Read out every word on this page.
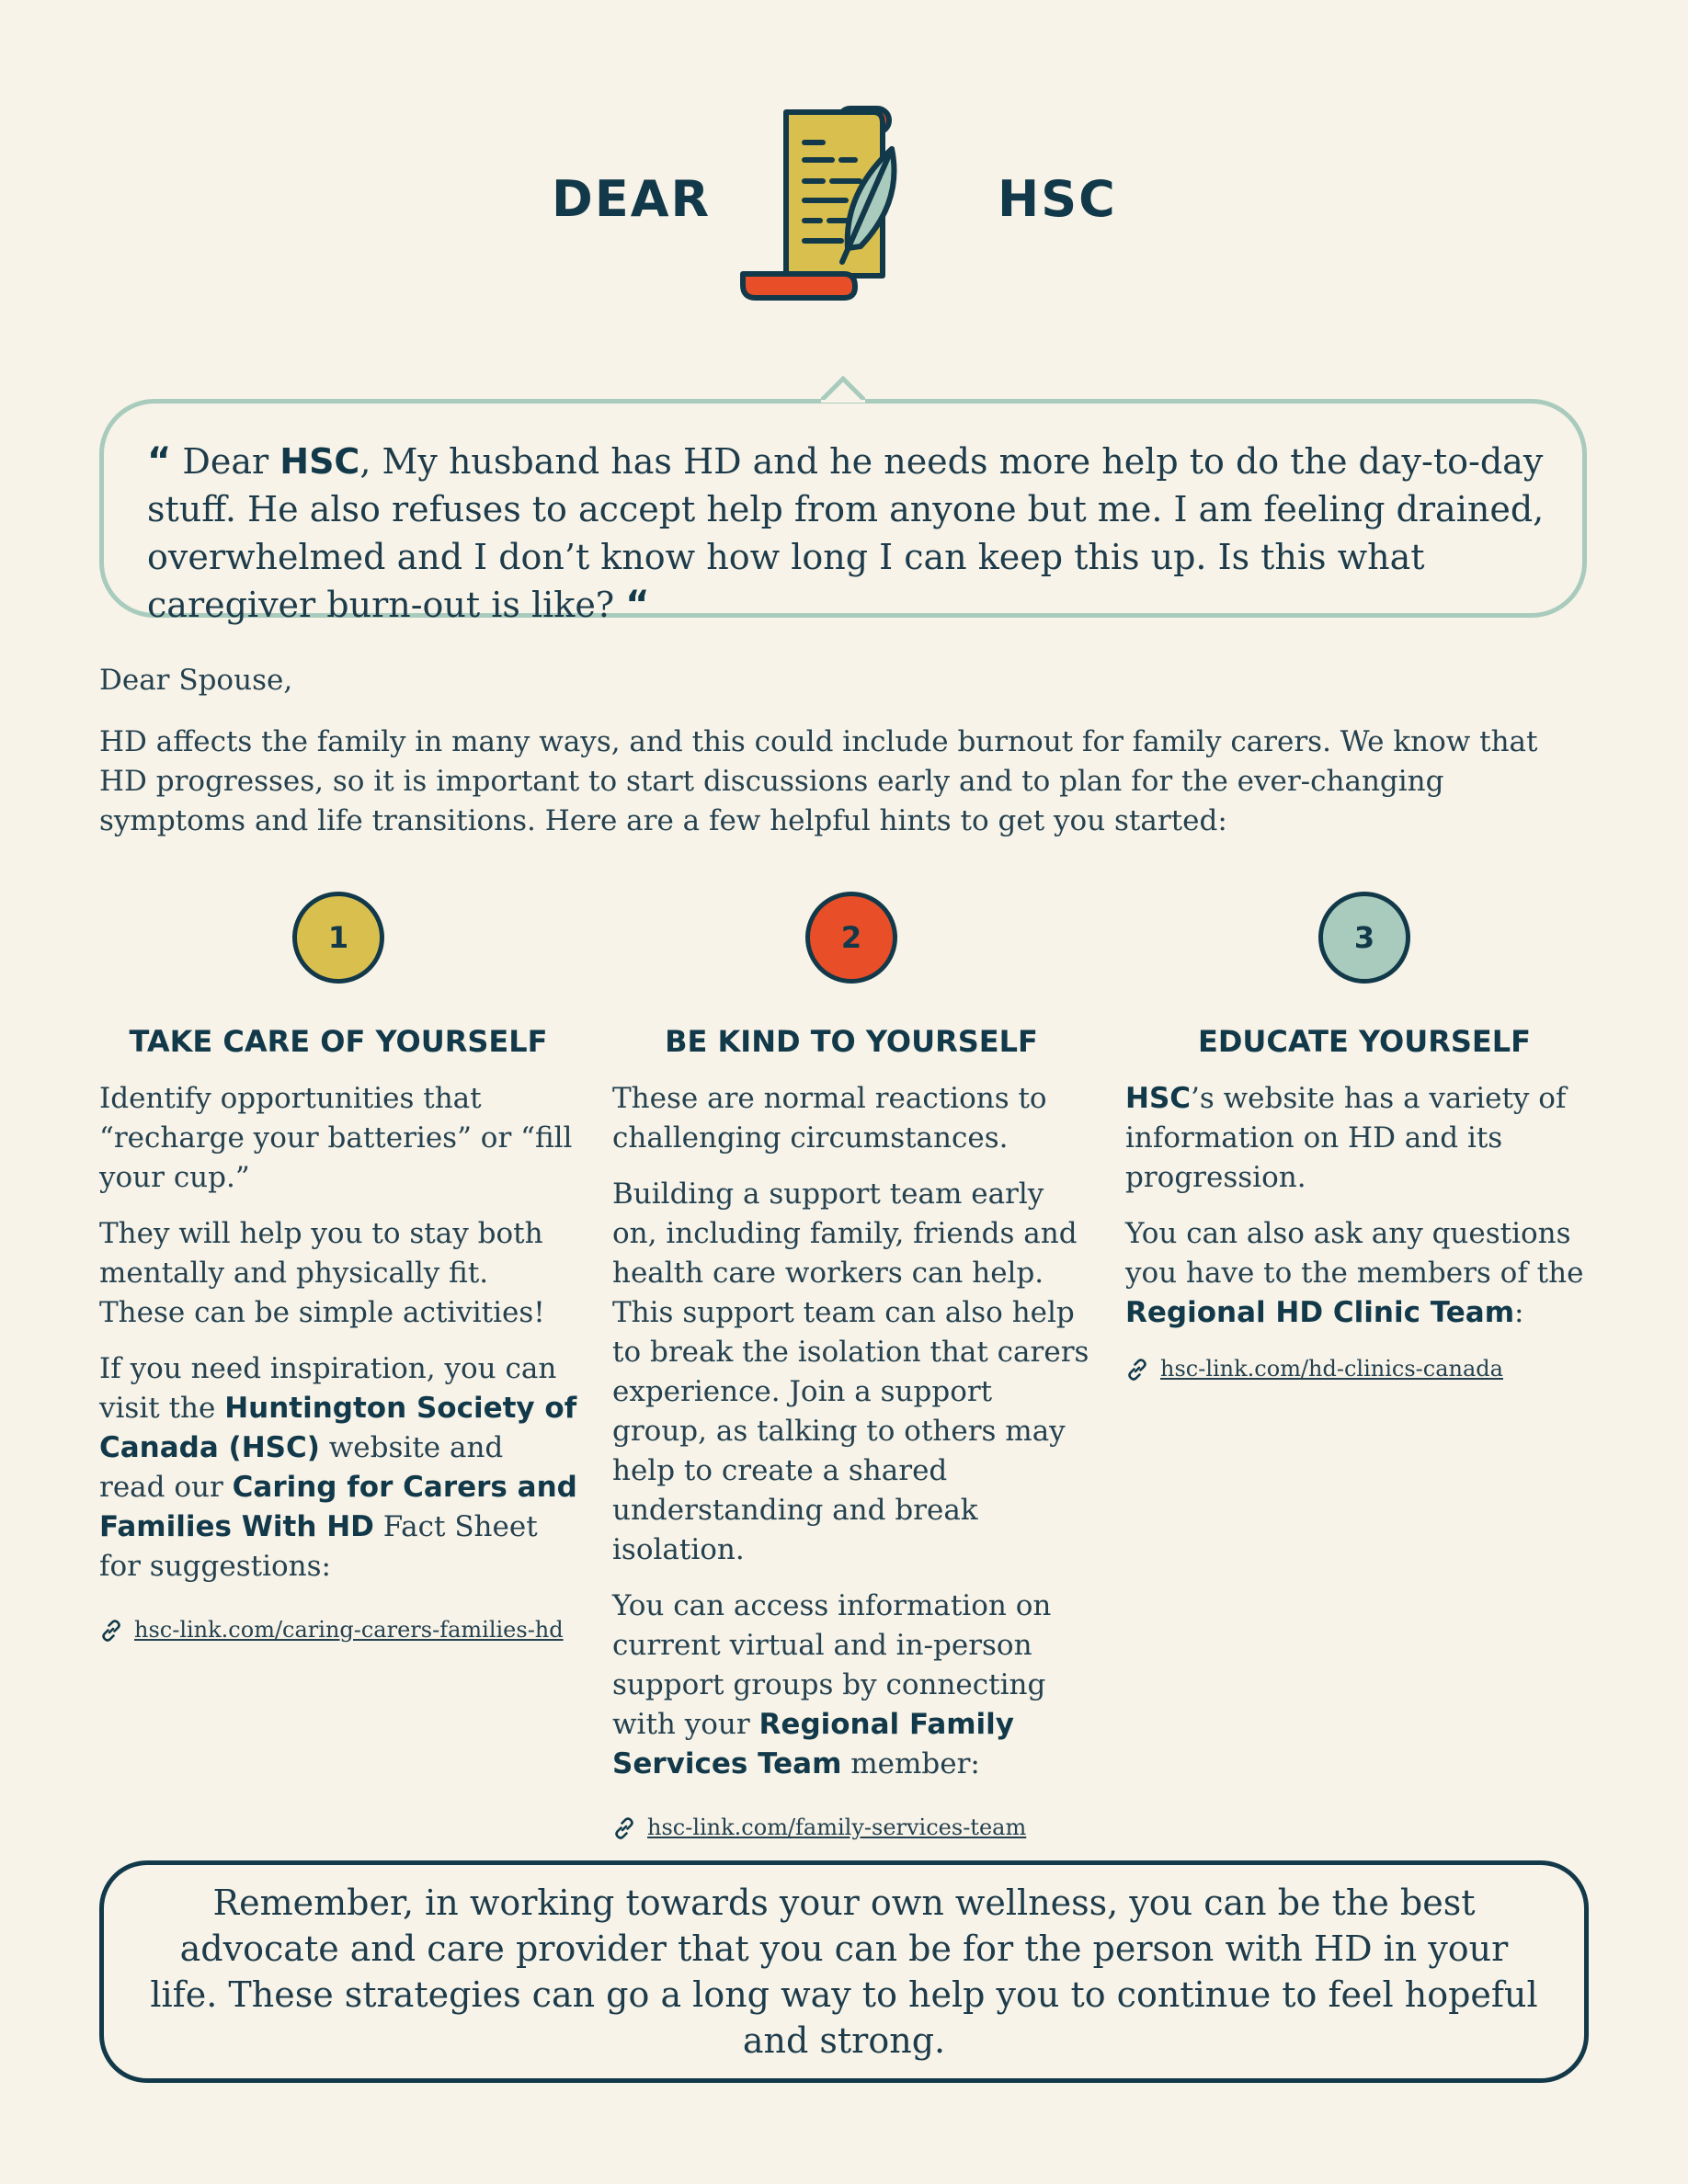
DEAR	HSC
“ Dear HSC, My husband has HD and he needs more help to do the day-to-day stuff. He also refuses to accept help from anyone but me. I am feeling drained, overwhelmed and I don’t know how long I can keep this up. Is this what caregiver burn-out is like? “
Dear Spouse,
HD affects the family in many ways, and this could include burnout for family carers. We know that HD progresses, so it is important to start discussions early and to plan for the ever-changing symptoms and life transitions. Here are a few helpful hints to get you started:
1
TAKE CARE OF YOURSELF

Identify opportunities that “recharge your batteries” or “fill your cup.”

They will help you to stay both mentally and physically fit. These can be simple activities!

If you need inspiration, you can visit the Huntington Society of Canada (HSC) website and read our Caring for Carers and Families With HD Fact Sheet for suggestions:

hsc-link.com/caring-carers-families-hd
2
BE KIND TO YOURSELF

These are normal reactions to challenging circumstances.

Building a support team early on, including family, friends and health care workers can help. This support team can also help to break the isolation that carers experience. Join a support group, as talking to others may help to create a shared understanding and break isolation.

You can access information on current virtual and in-person support groups by connecting with your Regional Family Services Team member:

hsc-link.com/family-services-team
3
EDUCATE YOURSELF

HSC’s website has a variety of information on HD and its progression.

You can also ask any questions you have to the members of the Regional HD Clinic Team:

hsc-link.com/hd-clinics-canada
Remember, in working towards your own wellness, you can be the best advocate and care provider that you can be for the person with HD in your life. These strategies can go a long way to help you to continue to feel hopeful and strong.
